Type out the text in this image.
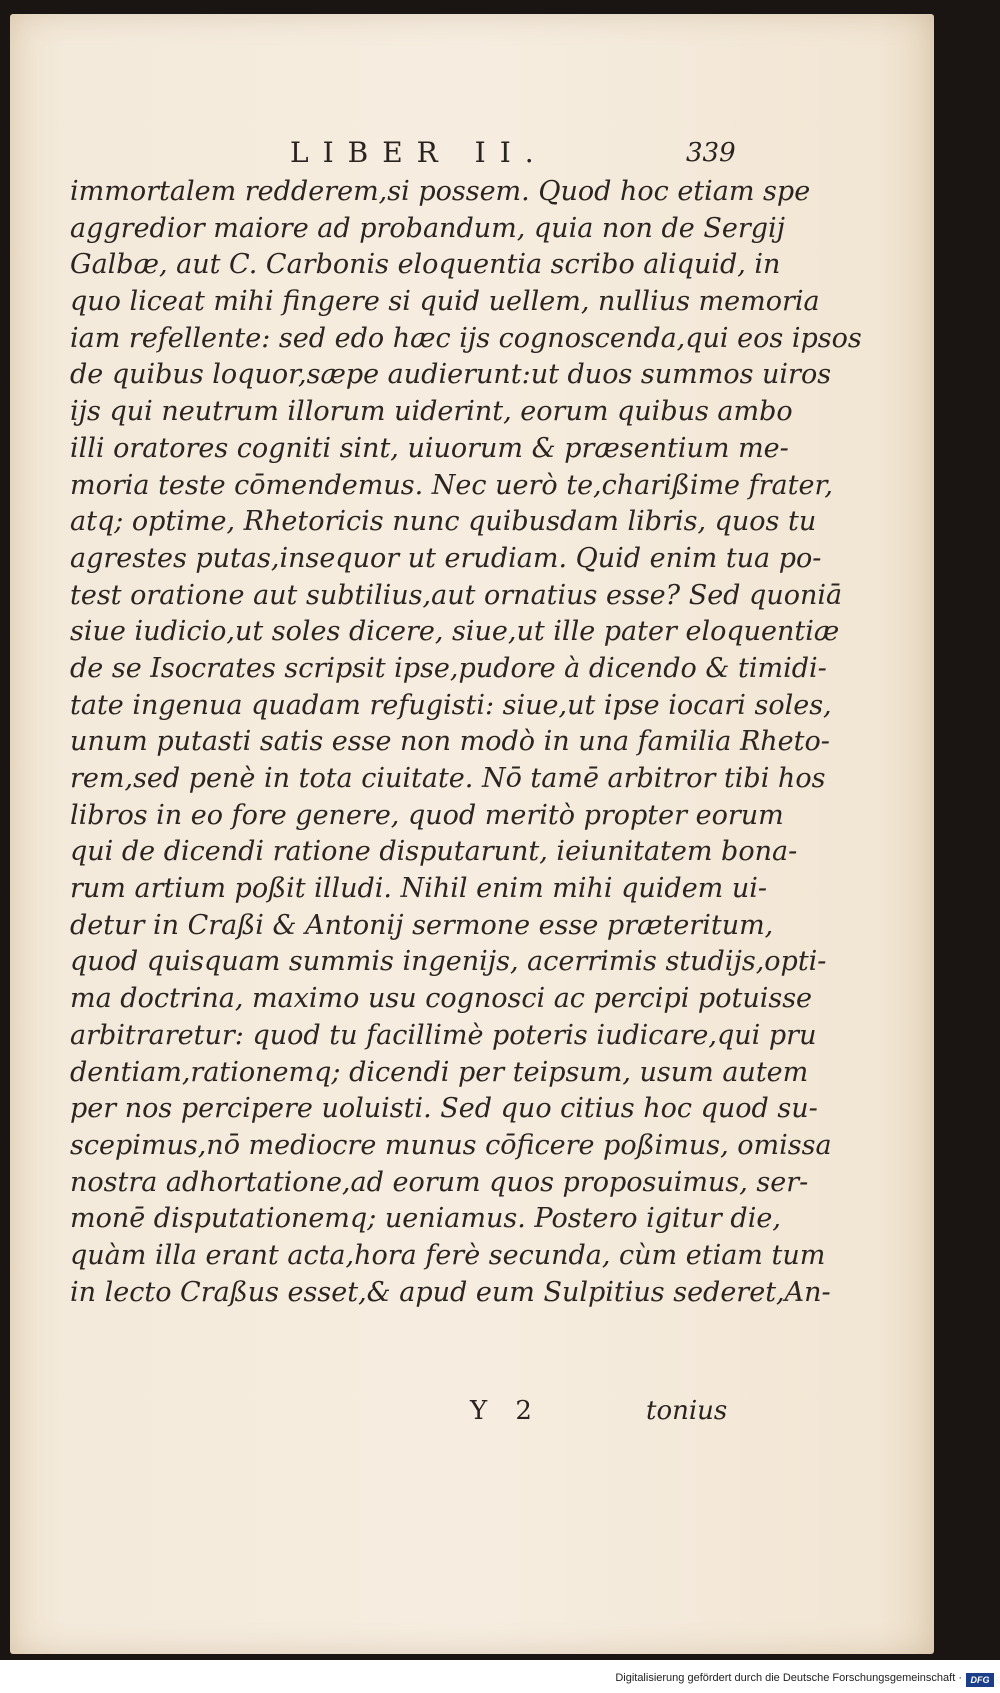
LIBER II.	339
immortalem redderem,si possem. Quod hoc etiam spe
aggredior maiore ad probandum, quia non de Sergij
Galbæ, aut C. Carbonis eloquentia scribo aliquid, in
quo liceat mihi fingere si quid uellem, nullius memoria
iam refellente: sed edo hæc ijs cognoscenda,qui eos ipsos
de quibus loquor,sæpe audierunt:ut duos summos uiros
ijs qui neutrum illorum uiderint, eorum quibus ambo
illi oratores cogniti sint, uiuorum & præsentium me-
moria teste cōmendemus. Nec uerò te,charißime frater,
atq; optime, Rhetoricis nunc quibusdam libris, quos tu
agrestes putas,insequor ut erudiam. Quid enim tua po-
test oratione aut subtilius,aut ornatius esse? Sed quoniā
siue iudicio,ut soles dicere, siue,ut ille pater eloquentiæ
de se Isocrates scripsit ipse,pudore à dicendo & timidi-
tate ingenua quadam refugisti: siue,ut ipse iocari soles,
unum putasti satis esse non modò in una familia Rheto-
rem,sed penè in tota ciuitate. Nō tamē arbitror tibi hos
libros in eo fore genere, quod meritò propter eorum
qui de dicendi ratione disputarunt, ieiunitatem bona-
rum artium poßit illudi. Nihil enim mihi quidem ui-
detur in Craßi & Antonij sermone esse præteritum,
quod quisquam summis ingenijs, acerrimis studijs,opti-
ma doctrina, maximo usu cognosci ac percipi potuisse
arbitraretur: quod tu facillimè poteris iudicare,qui pru
dentiam,rationemq; dicendi per teipsum, usum autem
per nos percipere uoluisti. Sed quo citius hoc quod su-
scepimus,nō mediocre munus cōficere poßimus, omissa
nostra adhortatione,ad eorum quos proposuimus, ser-
monē disputationemq; ueniamus. Postero igitur die,
quàm illa erant acta,hora ferè secunda, cùm etiam tum
in lecto Craßus esset,& apud eum Sulpitius sederet,An-
Y 2	tonius
Digitalisierung gefördert durch die Deutsche Forschungsgemeinschaft · DFG
